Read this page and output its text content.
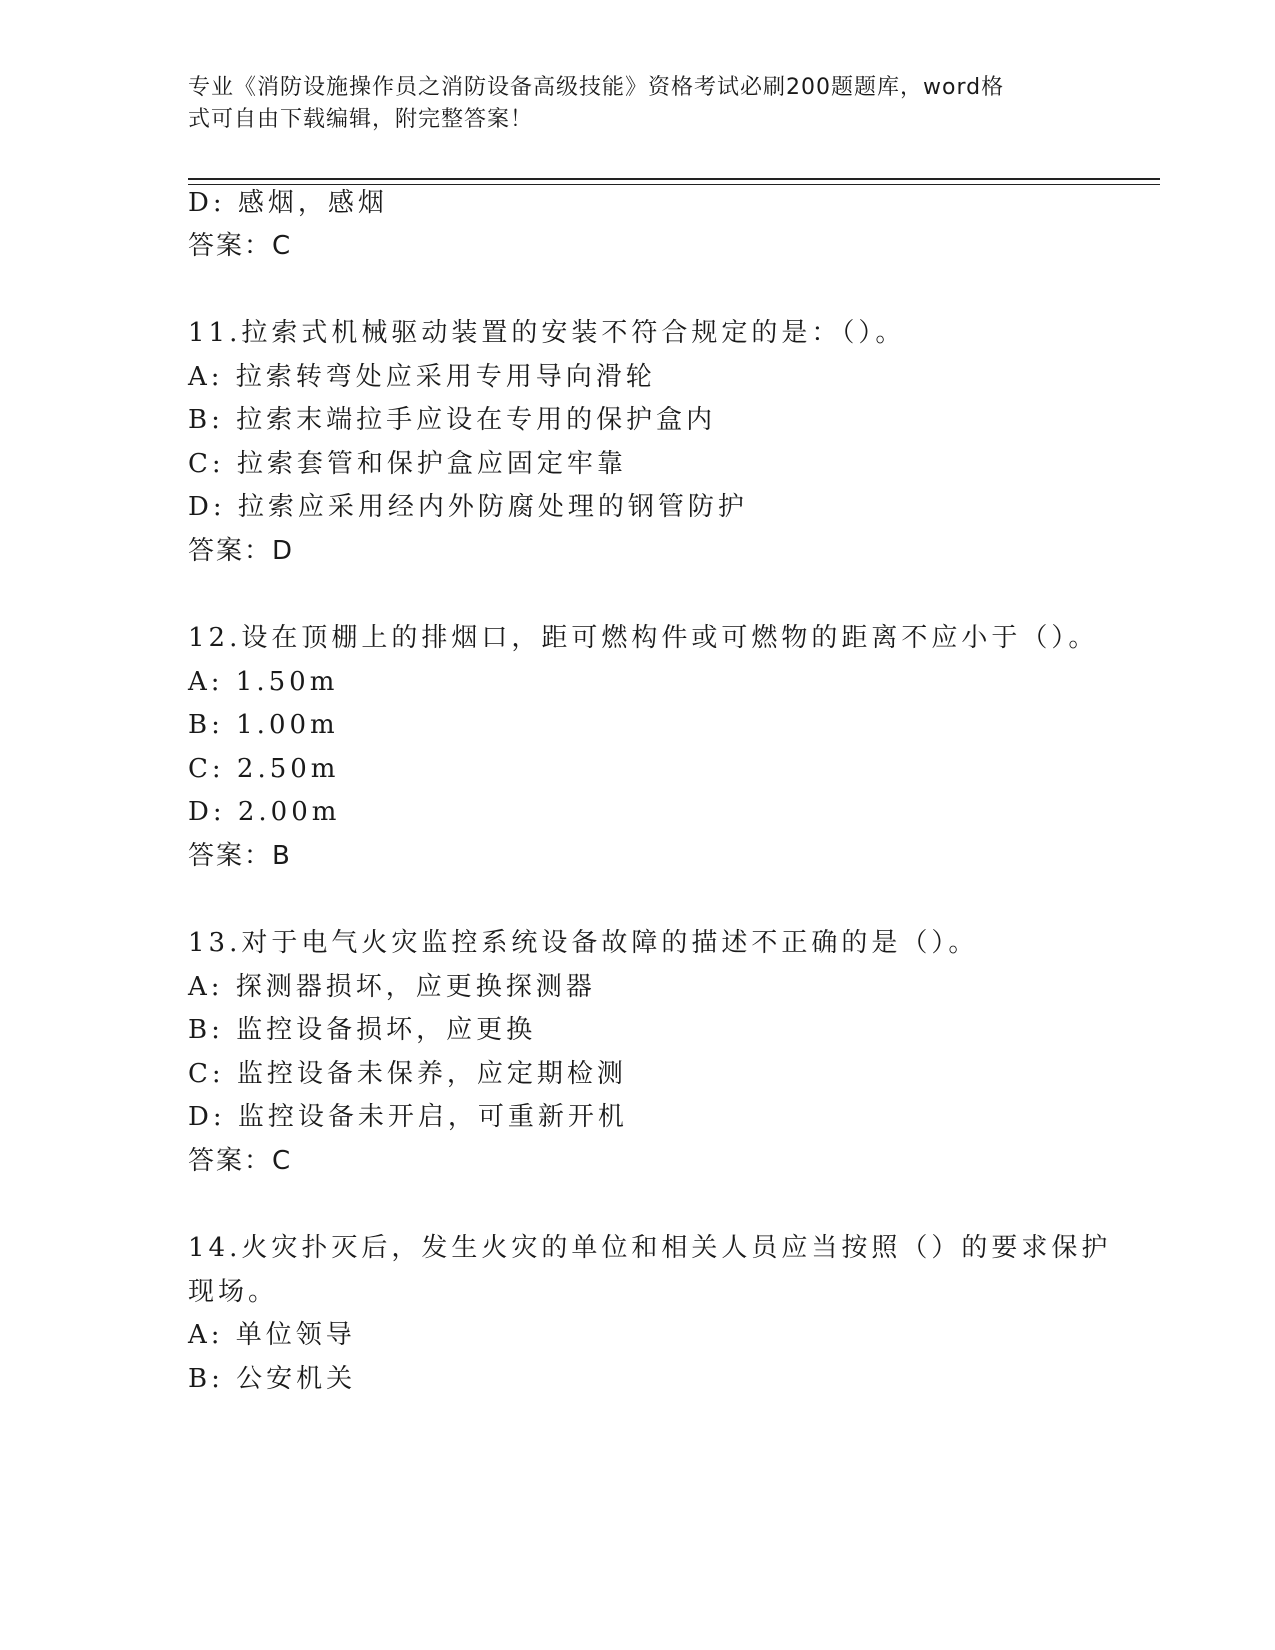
专业《消防设施操作员之消防设备高级技能》资格考试必刷200题题库，word格
式可自由下载编辑，附完整答案！
D: 感烟，感烟
答案：C
11.拉索式机械驱动装置的安装不符合规定的是：（）。
A: 拉索转弯处应采用专用导向滑轮
B: 拉索末端拉手应设在专用的保护盒内
C: 拉索套管和保护盒应固定牢靠
D: 拉索应采用经内外防腐处理的钢管防护
答案：D
12.设在顶棚上的排烟口，距可燃构件或可燃物的距离不应小于（）。
A: 1.50m
B: 1.00m
C: 2.50m
D: 2.00m
答案：B
13.对于电气火灾监控系统设备故障的描述不正确的是（）。
A: 探测器损坏，应更换探测器
B: 监控设备损坏，应更换
C: 监控设备未保养，应定期检测
D: 监控设备未开启，可重新开机
答案：C
14.火灾扑灭后，发生火灾的单位和相关人员应当按照（）的要求保护
现场。
A: 单位领导
B: 公安机关
